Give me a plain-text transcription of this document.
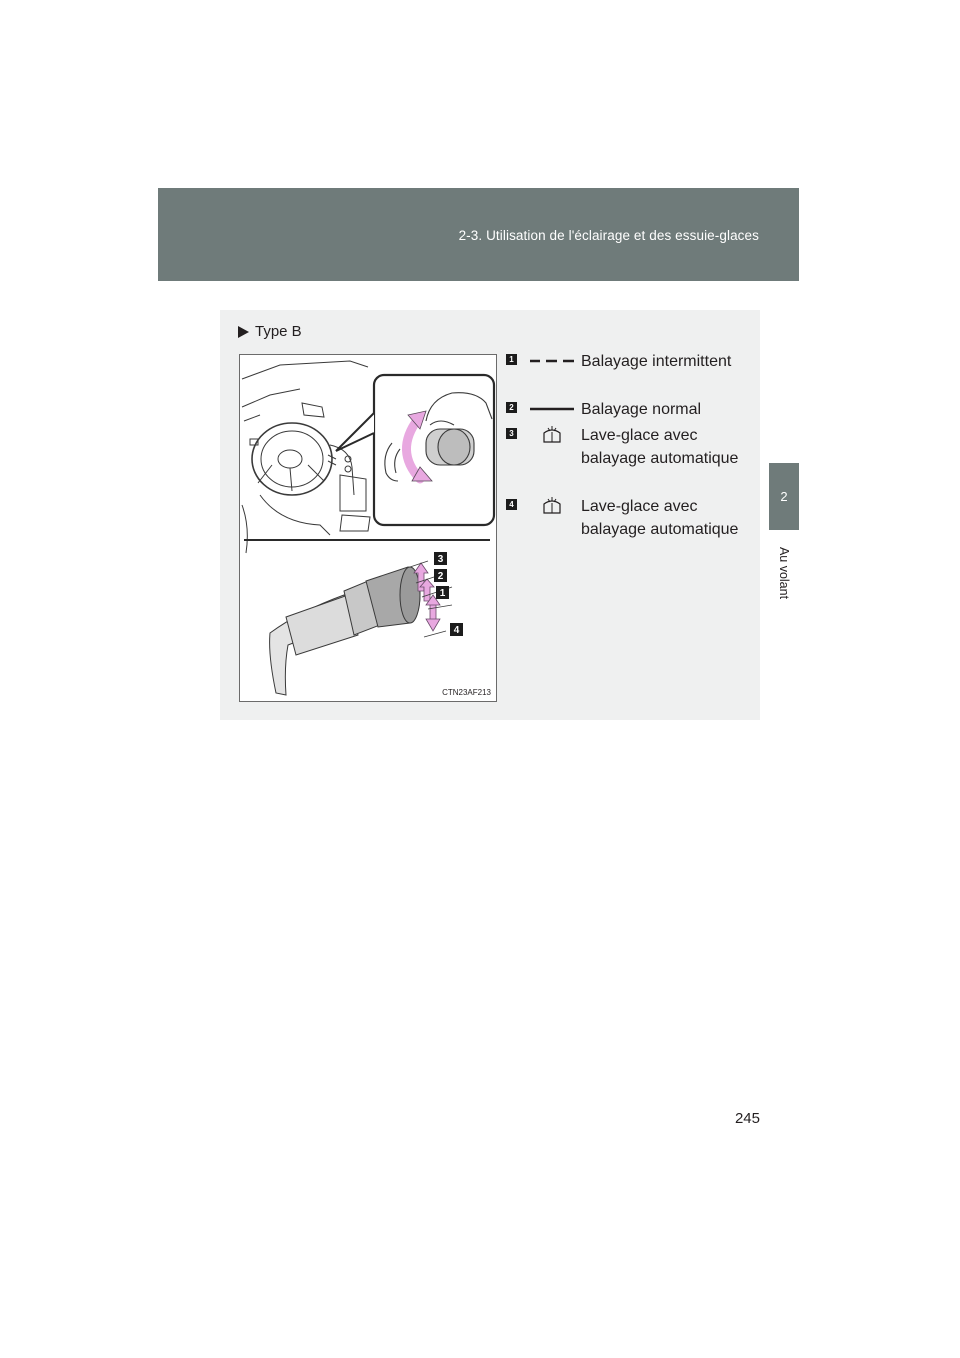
2-3. Utilisation de l'éclairage et des essuie-glaces
2
Au volant
Type B
3
2
1
4
CTN23AF213
1	Balayage intermittent
2	Balayage normal
3	Lave-glace avec balayage automatique
4	Lave-glace avec balayage automatique
245
